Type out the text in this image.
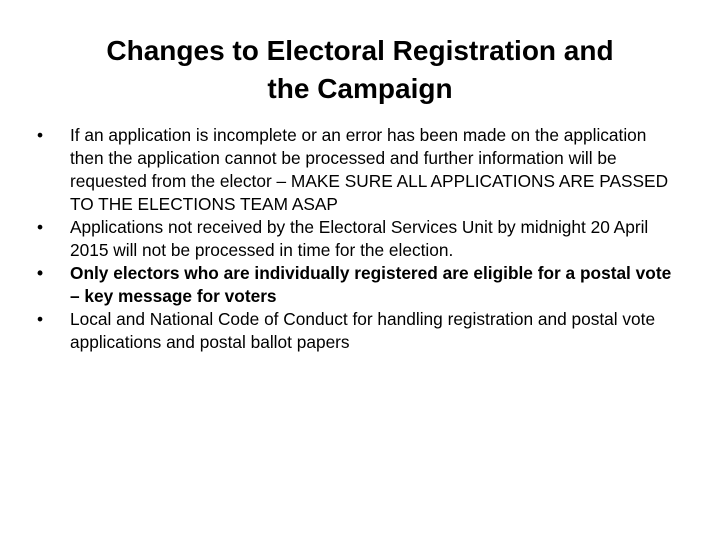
Changes to Electoral Registration and
the Campaign
•	If an application is incomplete or an error has been made on the application then the application cannot be processed and further information will be requested from the elector – MAKE SURE ALL APPLICATIONS ARE PASSED TO THE ELECTIONS TEAM ASAP
•	Applications not received by the Electoral Services Unit by midnight 20 April 2015 will not be processed in time for the election.
•	Only electors who are individually registered are eligible for a postal vote – key message for voters
•	Local and National Code of Conduct for handling registration and postal vote applications and postal ballot papers
